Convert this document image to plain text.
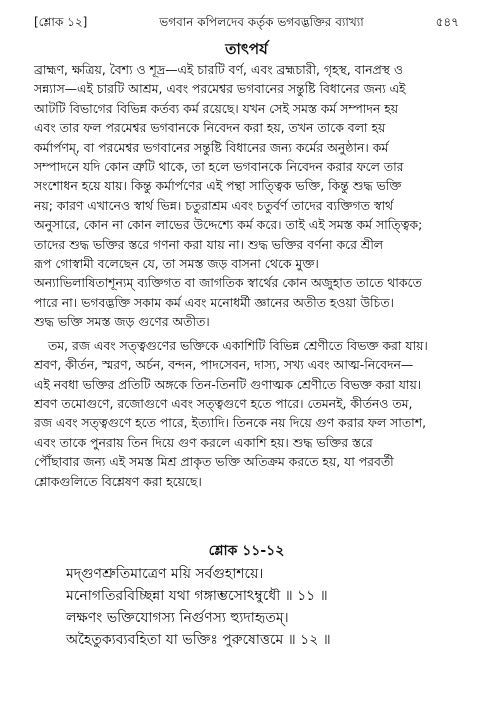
[শ্লোক ১২]	ভগবান কপিলদেব কর্তৃক ভগবদ্ভক্তির ব্যাখ্যা	৫৪৭
তাৎপর্য
ব্রাহ্মণ, ক্ষত্রিয়, বৈশ্য ও শূদ্র—এই চারটি বর্ণ, এবং ব্রহ্মচারী, গৃহস্থ, বানপ্রস্থ ও
সন্ন্যাস—এই চারটি আশ্রম, এবং পরমেশ্বর ভগবানের সন্তুষ্টি বিধানের জন্য এই
আটটি বিভাগের বিভিন্ন কর্তব্য কর্ম রয়েছে। যখন সেই সমস্ত কর্ম সম্পাদন হয়
এবং তার ফল পরমেশ্বর ভগবানকে নিবেদন করা হয়, তখন তাকে বলা হয়
কর্মার্পণম্, বা পরমেশ্বর ভগবানের সন্তুষ্টি বিধানের জন্য কর্মের অনুষ্ঠান। কর্ম
সম্পাদনে যদি কোন ত্রুটি থাকে, তা হলে ভগবানকে নিবেদন করার ফলে তার
সংশোধন হয়ে যায়। কিন্তু কর্মার্পণের এই পন্থা সাত্ত্বিক ভক্তি, কিন্তু শুদ্ধ ভক্তি
নয়; কারণ এখানেও স্বার্থ ভিন্ন। চতুরাশ্রম এবং চতুর্বর্ণ তাদের ব্যক্তিগত স্বার্থ
অনুসারে, কোন না কোন লাভের উদ্দেশ্যে কর্ম করে। তাই এই সমস্ত কর্ম সাত্ত্বিক;
তাদের শুদ্ধ ভক্তির স্তরে গণনা করা যায় না। শুদ্ধ ভক্তির বর্ণনা করে শ্রীল
রূপ গোস্বামী বলেছেন যে, তা সমস্ত জড় বাসনা থেকে মুক্ত।
অন্যাভিলাষিতাশূন্যম্ ব্যক্তিগত বা জাগতিক স্বার্থের কোন অজুহাত তাতে থাকতে
পারে না। ভগবদ্ভক্তি সকাম কর্ম এবং মনোধর্মী জ্ঞানের অতীত হওয়া উচিত।
শুদ্ধ ভক্তি সমস্ত জড় গুণের অতীত।
তম, রজ এবং সত্ত্বগুণের ভক্তিকে একাশিটি বিভিন্ন শ্রেণীতে বিভক্ত করা যায়।
শ্রবণ, কীর্তন, স্মরণ, অর্চন, বন্দন, পাদসেবন, দাস্য, সখ্য এবং আত্ম-নিবেদন—
এই নবধা ভক্তির প্রতিটি অঙ্গকে তিন-তিনটি গুণাত্মক শ্রেণীতে বিভক্ত করা যায়।
শ্রবণ তমোগুণে, রজোগুণে এবং সত্ত্বগুণে হতে পারে। তেমনই, কীর্তনও তম,
রজ এবং সত্ত্বগুণে হতে পারে, ইত্যাদি। তিনকে নয় দিয়ে গুণ করার ফল সাতাশ,
এবং তাকে পুনরায় তিন দিয়ে গুণ করলে একাশি হয়। শুদ্ধ ভক্তির স্তরে
পৌঁছাবার জন্য এই সমস্ত মিশ্র প্রাকৃত ভক্তি অতিক্রম করতে হয়, যা পরবর্তী
শ্লোকগুলিতে বিশ্লেষণ করা হয়েছে।
শ্লোক ১১-১২
মদ্গুণশ্রুতিমাত্রেণ ময়ি সর্বগুহাশয়ে।
মনোগতিরবিচ্ছিন্না যথা গঙ্গাম্ভসোঽম্বুধৌ ॥ ১১ ॥
লক্ষণং ভক্তিযোগস্য নির্গুণস্য হ্যুদাহৃতম্।
অহৈতুক্যব্যবহিতা যা ভক্তিঃ পুরুষোত্তমে ॥ ১২ ॥
